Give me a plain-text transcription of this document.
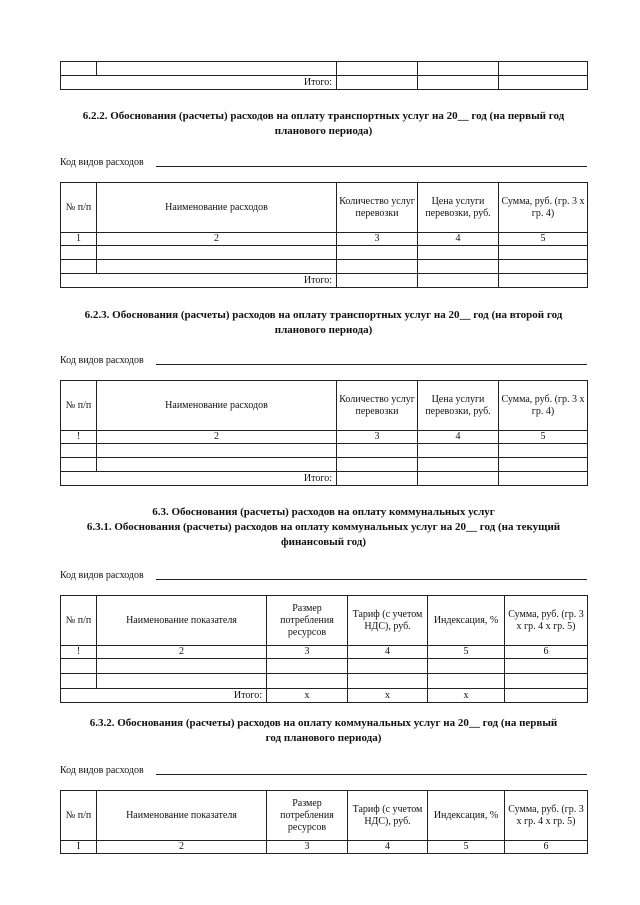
Итого:				
6.2.2. Обоснования (расчеты) расходов на оплату транспортных услуг на 20__ год (на первый год
планового периода)
Код видов расходов
№ п/п	Наименование расходов	Количество услуг перевозки	Цена услуги перевозки, руб.	Сумма, руб. (гр. 3 х гр. 4)
1	2	3	4	5

Итого:				
6.2.3. Обоснования (расчеты) расходов на оплату транспортных услуг на 20__ год (на второй год
планового периода)
Код видов расходов
№ п/п	Наименование расходов	Количество услуг перевозки	Цена услуги перевозки, руб.	Сумма, руб. (гр. 3 х гр. 4)
!	2	3	4	5

Итого:				
6.3. Обоснования (расчеты) расходов на оплату коммунальных услуг
6.3.1. Обоснования (расчеты) расходов на оплату коммунальных услуг на 20__ год (на текущий
финансовый год)
Код видов расходов
№ п/п	Наименование показателя	Размер потребления ресурсов	Тариф (с учетом НДС), руб.	Индексация, %	Сумма, руб. (гр. 3 х гр. 4 х гр. 5)
!	2	3	4	5	6

Итого:		х	х	х	
6.3.2. Обоснования (расчеты) расходов на оплату коммунальных услуг на 20__ год (на первый
год планового периода)
Код видов расходов
№ п/п	Наименование показателя	Размер потребления ресурсов	Тариф (с учетом НДС), руб.	Индексация, %	Сумма, руб. (гр. 3 х гр. 4 х гр. 5)
I	2	3	4	5	6
